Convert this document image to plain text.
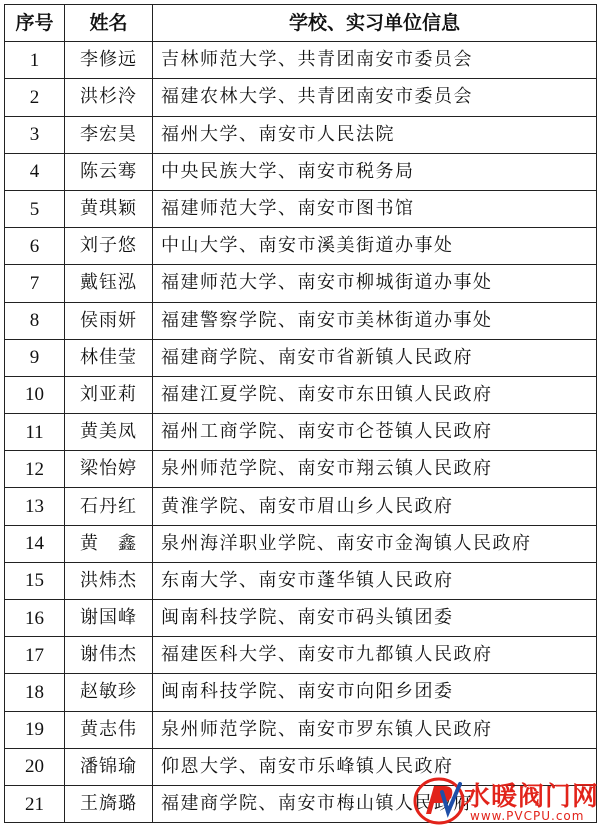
序号	姓名	学校、实习单位信息
1	李修远	吉林师范大学、共青团南安市委员会
2	洪杉泠	福建农林大学、共青团南安市委员会
3	李宏昊	福州大学、南安市人民法院
4	陈云骞	中央民族大学、南安市税务局
5	黄琪颖	福建师范大学、南安市图书馆
6	刘子悠	中山大学、南安市溪美街道办事处
7	戴钰泓	福建师范大学、南安市柳城街道办事处
8	侯雨妍	福建警察学院、南安市美林街道办事处
9	林佳莹	福建商学院、南安市省新镇人民政府
10	刘亚莉	福建江夏学院、南安市东田镇人民政府
11	黄美凤	福州工商学院、南安市仑苍镇人民政府
12	梁怡婷	泉州师范学院、南安市翔云镇人民政府
13	石丹红	黄淮学院、南安市眉山乡人民政府
14	黄　鑫	泉州海洋职业学院、南安市金淘镇人民政府
15	洪炜杰	东南大学、南安市蓬华镇人民政府
16	谢国峰	闽南科技学院、南安市码头镇团委
17	谢伟杰	福建医科大学、南安市九都镇人民政府
18	赵敏珍	闽南科技学院、南安市向阳乡团委
19	黄志伟	泉州师范学院、南安市罗东镇人民政府
20	潘锦瑜	仰恩大学、南安市乐峰镇人民政府
21	王旖璐	福建商学院、南安市梅山镇人民政府
水暖阀门网
www.PVCPU.com
